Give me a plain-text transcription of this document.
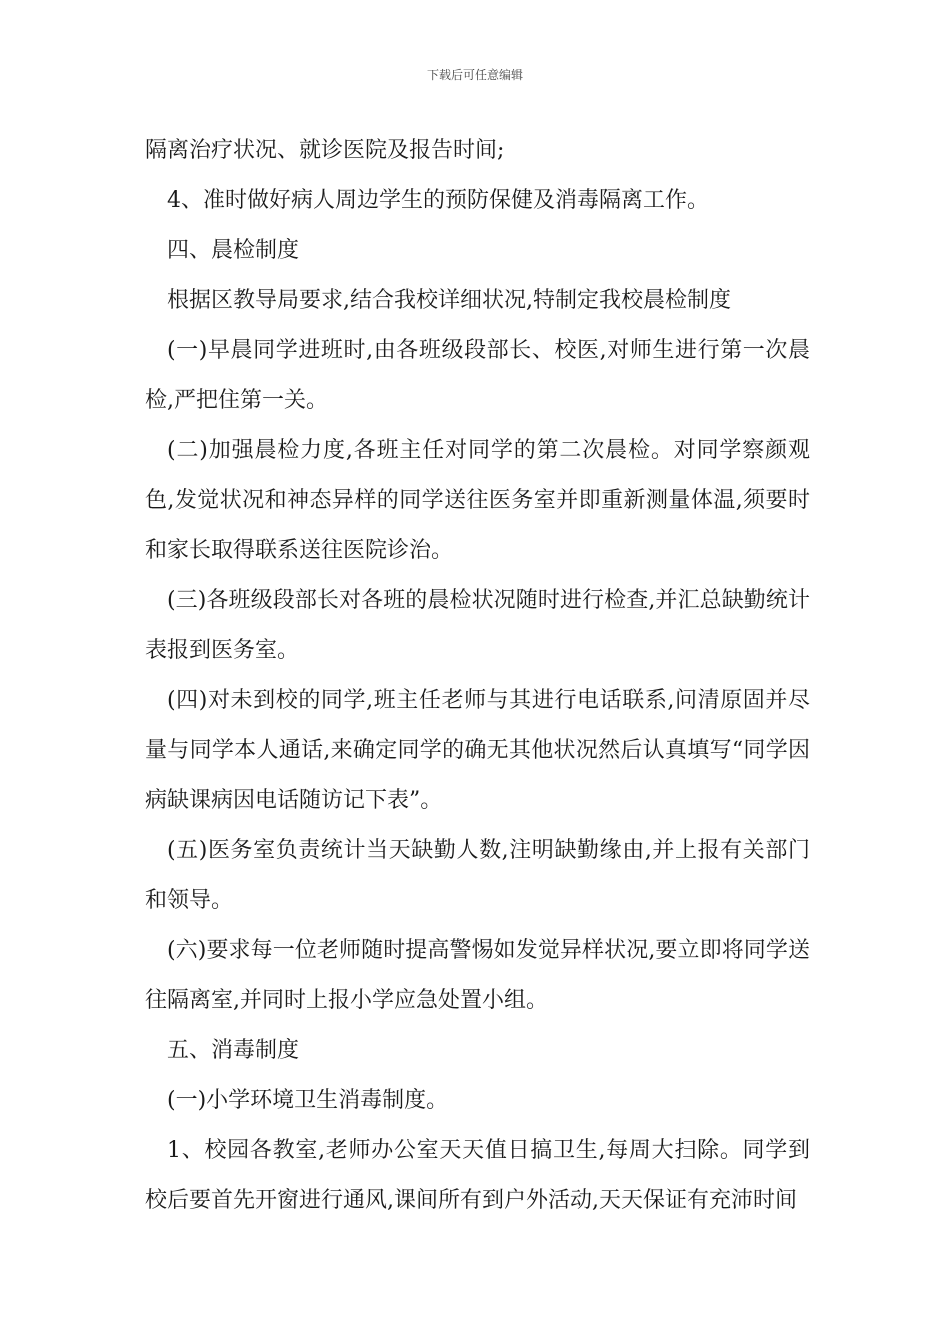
下载后可任意编辑

隔离治疗状况、就诊医院及报告时间;

4、准时做好病人周边学生的预防保健及消毒隔离工作。

四、晨检制度

根据区教导局要求,结合我校详细状况,特制定我校晨检制度

(一)早晨同学进班时,由各班级段部长、校医,对师生进行第一次晨检,严把住第一关。

(二)加强晨检力度,各班主任对同学的第二次晨检。对同学察颜观色,发觉状况和神态异样的同学送往医务室并即重新测量体温,须要时和家长取得联系送往医院诊治。

(三)各班级段部长对各班的晨检状况随时进行检查,并汇总缺勤统计表报到医务室。

(四)对未到校的同学,班主任老师与其进行电话联系,问清原固并尽量与同学本人通话,来确定同学的确无其他状况然后认真填写“同学因病缺课病因电话随访记下表”。

(五)医务室负责统计当天缺勤人数,注明缺勤缘由,并上报有关部门和领导。

(六)要求每一位老师随时提高警惕如发觉异样状况,要立即将同学送往隔离室,并同时上报小学应急处置小组。

五、消毒制度

(一)小学环境卫生消毒制度。

1、校园各教室,老师办公室天天值日搞卫生,每周大扫除。同学到校后要首先开窗进行通风,课间所有到户外活动,天天保证有充沛时间
